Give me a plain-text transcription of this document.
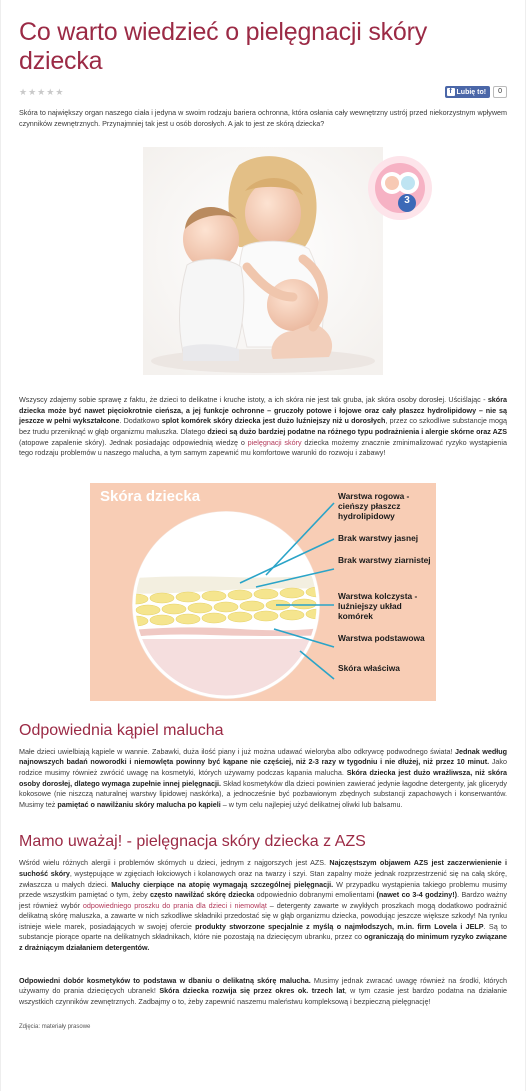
Co warto wiedzieć o pielęgnacji skóry dziecka
★ ★ ★ ★ ★	f Lubię to!	0

Skóra to największy organ naszego ciała i jedyna w swoim rodzaju bariera ochronna, która osłania cały wewnętrzny ustrój przed niekorzystnym wpływem czynników zewnętrznych. Przynajmniej tak jest u osób dorosłych. A jak to jest ze skórą dziecka?

3

Wszyscy zdajemy sobie sprawę z faktu, że dzieci to delikatne i kruche istoty, a ich skóra nie jest tak gruba, jak skóra osoby dorosłej. Uściślając - skóra dziecka może być nawet pięciokrotnie cieńsza, a jej funkcje ochronne – gruczoły potowe i łojowe oraz cały płaszcz hydrolipidowy – nie są jeszcze w pełni wykształcone. Dodatkowo splot komórek skóry dziecka jest dużo luźniejszy niż u dorosłych, przez co szkodliwe substancje mogą bez trudu przeniknąć w głąb organizmu maluszka. Dlatego dzieci są dużo bardziej podatne na różnego typu podrażnienia i alergie skórne oraz AZS (atopowe zapalenie skóry). Jednak posiadając odpowiednią wiedzę o pielęgnacji skóry dziecka możemy znacznie zminimalizować ryzyko wystąpienia tego rodzaju problemów u naszego malucha, a tym samym zapewnić mu komfortowe warunki do rozwoju i zabawy!

Skóra dziecka	Warstwa rogowa -cieńszy płaszcz hydrolipidowy
Brak warstwy jasnej
Brak warstwy ziarnistej
Warstwa kolczysta -luźniejszy układ komórek
Warstwa podstawowa
Skóra właściwa
Odpowiednia kąpiel malucha

Małe dzieci uwielbiają kąpiele w wannie. Zabawki, duża ilość piany i już można udawać wieloryba albo odkrywcę podwodnego świata! Jednak według najnowszych badań noworodki i niemowlęta powinny być kąpane nie częściej, niż 2-3 razy w tygodniu i nie dłużej, niż przez 10 minut. Jako rodzice musimy również zwrócić uwagę na kosmetyki, których używamy podczas kąpania malucha. Skóra dziecka jest dużo wrażliwsza, niż skóra osoby dorosłej, dlatego wymaga zupełnie innej pielęgnacji. Skład kosmetyków dla dzieci powinien zawierać jedynie łagodne detergenty, jak glicerydy kokosowe (nie niszczą naturalnej warstwy lipidowej naskórka), a jednocześnie być pozbawionym zbędnych substancji zapachowych i konserwantów. Musimy też pamiętać o nawilżaniu skóry malucha po kąpieli – w tym celu najlepiej użyć delikatnej oliwki lub balsamu.

Mamo uważaj! - pielęgnacja skóry dziecka z AZS

Wśród wielu różnych alergii i problemów skórnych u dzieci, jednym z najgorszych jest AZS. Najczęstszym objawem AZS jest zaczerwienienie i suchość skóry, występujące w zgięciach łokciowych i kolanowych oraz na twarzy i szyi. Stan zapalny może jednak rozprzestrzenić się na całą skórę, zwłaszcza u małych dzieci. Maluchy cierpiące na atopię wymagają szczególnej pielęgnacji. W przypadku wystąpienia takiego problemu musimy przede wszystkim pamiętać o tym, żeby często nawilżać skórę dziecka odpowiednio dobranymi emolientami (nawet co 3-4 godziny!). Bardzo ważny jest również wybór odpowiedniego proszku do prania dla dzieci i niemowląt – detergenty zawarte w zwykłych proszkach mogą dodatkowo podrażnić delikatną skórę maluszka, a zawarte w nich szkodliwe składniki przedostać się w głąb organizmu dziecka, powodując jeszcze większe szkody! Na rynku istnieje wiele marek, posiadających w swojej ofercie produkty stworzone specjalnie z myślą o najmłodszych, m.in. firm Lovela i JELP. Są to substancje piorące oparte na delikatnych składnikach, które nie pozostają na dziecięcym ubranku, przez co ograniczają do minimum ryzyko związane z drażniącym działaniem detergentów.

Odpowiedni dobór kosmetyków to podstawa w dbaniu o delikatną skórę malucha. Musimy jednak zwracać uwagę również na środki, których używamy do prania dziecięcych ubranek! Skóra dziecka rozwija się przez okres ok. trzech lat, w tym czasie jest bardzo podatna na działanie wszystkich czynników zewnętrznych. Zadbajmy o to, żeby zapewnić naszemu maleństwu kompleksową i bezpieczną pielęgnację!

Zdjęcia: materiały prasowe
